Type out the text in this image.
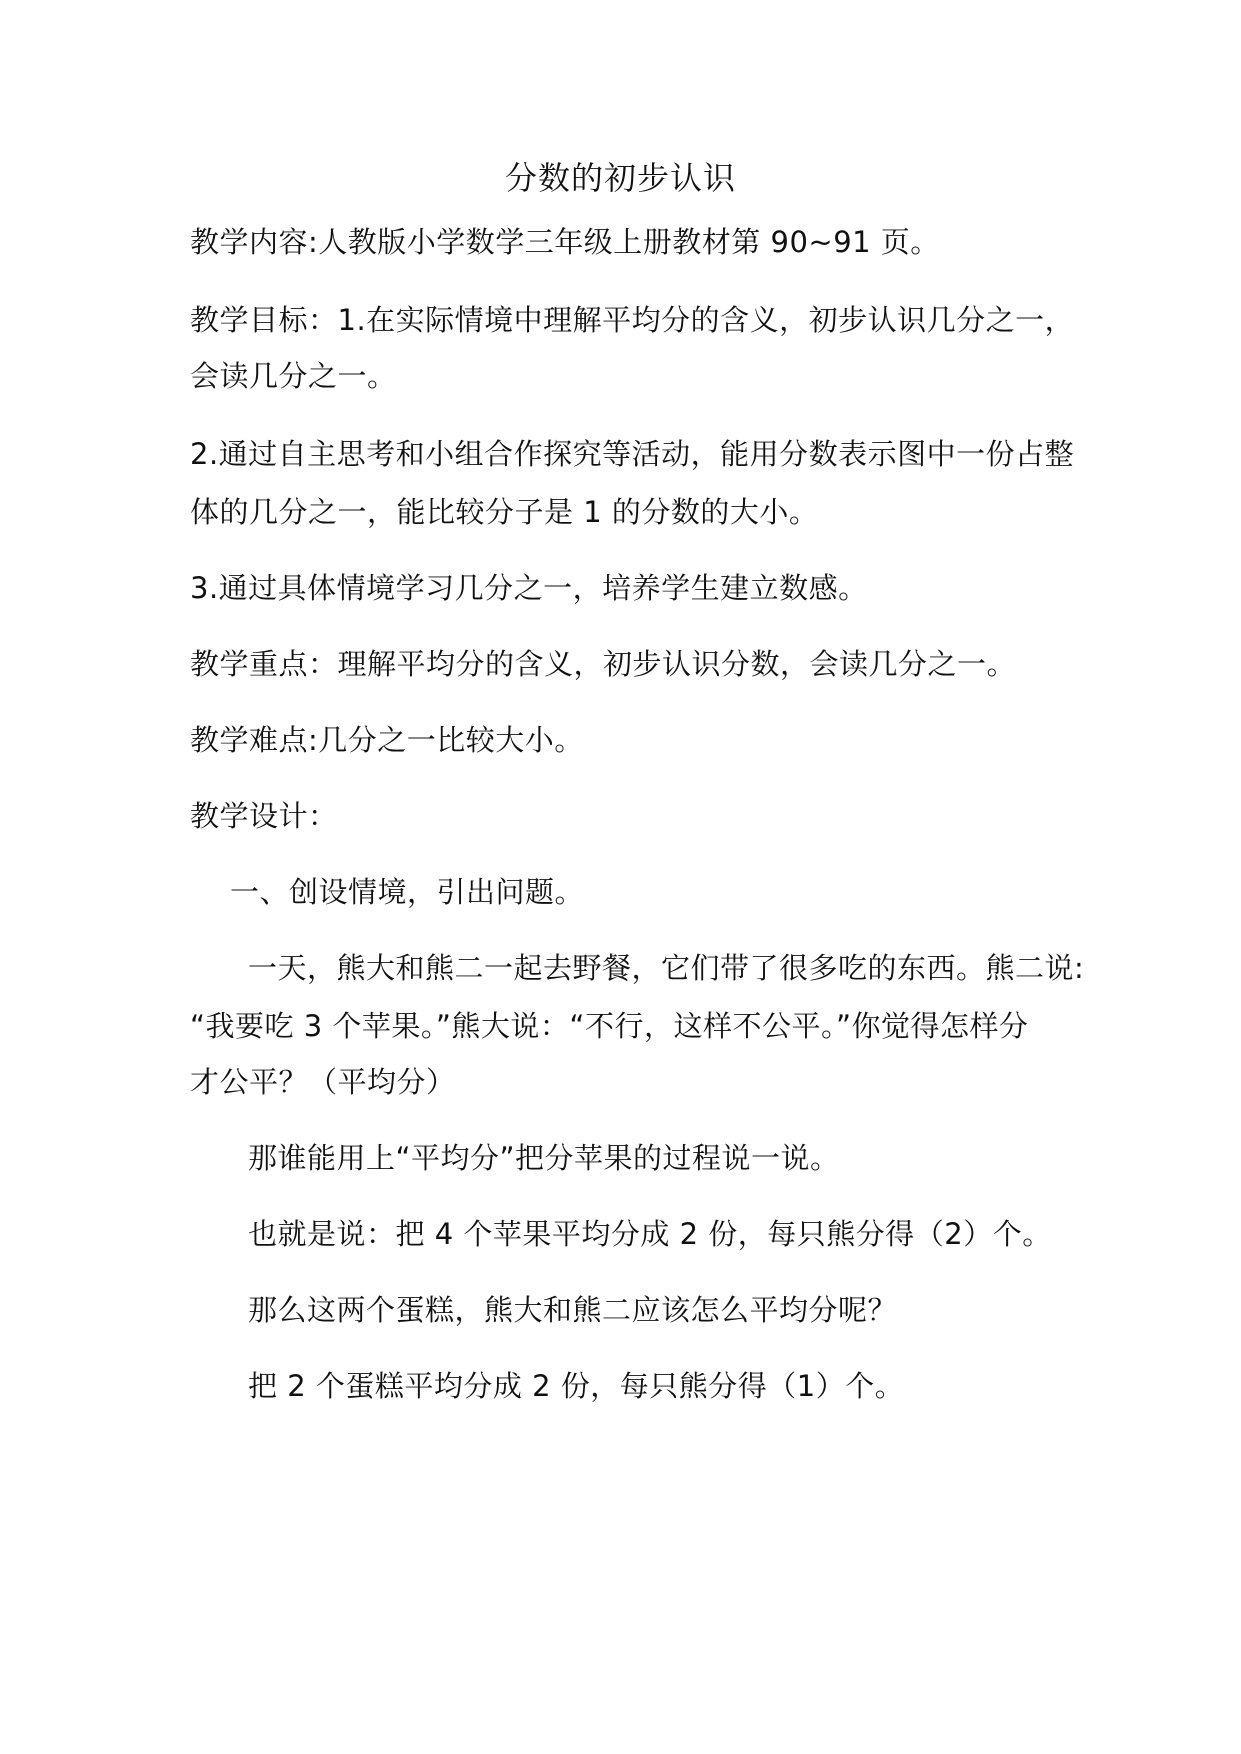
分数的初步认识
教学内容:人教版小学数学三年级上册教材第 90~91 页。
教学目标：1.在实际情境中理解平均分的含义，初步认识几分之一，
会读几分之一。
2.通过自主思考和小组合作探究等活动，能用分数表示图中一份占整
体的几分之一，能比较分子是 1 的分数的大小。
3.通过具体情境学习几分之一，培养学生建立数感。
教学重点：理解平均分的含义，初步认识分数，会读几分之一。
教学难点:几分之一比较大小。
教学设计：
一、创设情境，引出问题。
一天，熊大和熊二一起去野餐，它们带了很多吃的东西。熊二说:
“我要吃 3 个苹果。”熊大说：“不行，这样不公平。”你觉得怎样分
才公平？（平均分）
那谁能用上“平均分”把分苹果的过程说一说。
也就是说：把 4 个苹果平均分成 2 份，每只熊分得（2）个。
那么这两个蛋糕，熊大和熊二应该怎么平均分呢？
把 2 个蛋糕平均分成 2 份，每只熊分得（1）个。
